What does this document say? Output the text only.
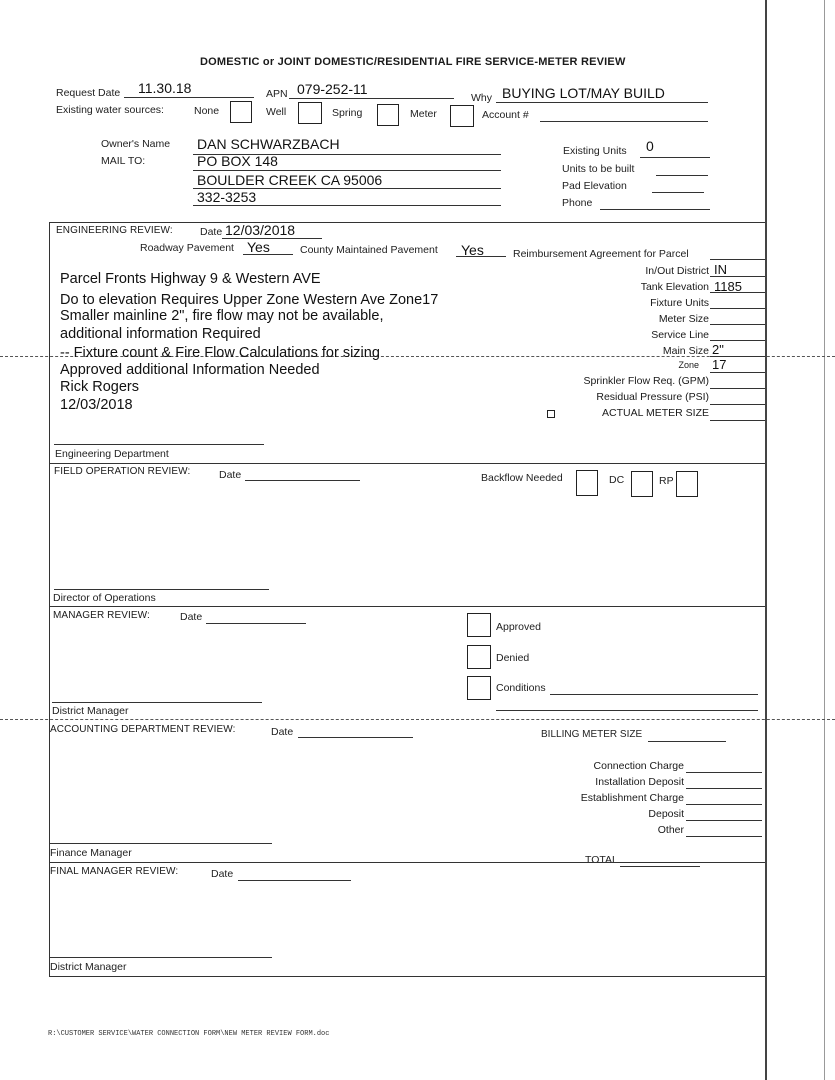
DOMESTIC or JOINT DOMESTIC/RESIDENTIAL FIRE SERVICE-METER REVIEW
Request Date 11.30.18	APN 079-252-11
Why BUYING LOT/MAY BUILD
Existing water sources:	None	Well	Spring	Meter	Account #
Owner's Name DAN SCHWARZBACH
MAIL TO:	PO BOX 148
BOULDER CREEK CA 95006
332-3253
Existing Units 0
Units to be built
Pad Elevation
Phone
ENGINEERING REVIEW:	Date 12/03/2018
Roadway Pavement Yes	County Maintained Pavement Yes	Reimbursement Agreement for Parcel
Parcel Fronts Highway 9 & Western AVE
Do to elevation Requires Upper Zone Western Ave Zone17
Smaller mainline 2", fire flow may not be available,
additional information Required
-- Fixture count & Fire Flow Calculations for sizing
Approved additional Information Needed
Rick Rogers
12/03/2018
In/Out District IN
Tank Elevation 1185
Fixture Units
Meter Size
Service Line
Main Size 2"
Zone 17
Sprinkler Flow Req. (GPM)
Residual Pressure (PSI)
ACTUAL METER SIZE
Engineering Department
FIELD OPERATION REVIEW:	Date	Backflow Needed	DC	RP
Director of Operations
MANAGER REVIEW:	Date
Approved
Denied
Conditions
District Manager
ACCOUNTING DEPARTMENT REVIEW:	Date	BILLING METER SIZE
Connection Charge
Installation Deposit
Establishment Charge
Deposit
Other
TOTAL
Finance Manager
FINAL MANAGER REVIEW:	Date
District Manager
R:\CUSTOMER SERVICE\WATER CONNECTION FORM\NEW METER REVIEW FORM.doc
